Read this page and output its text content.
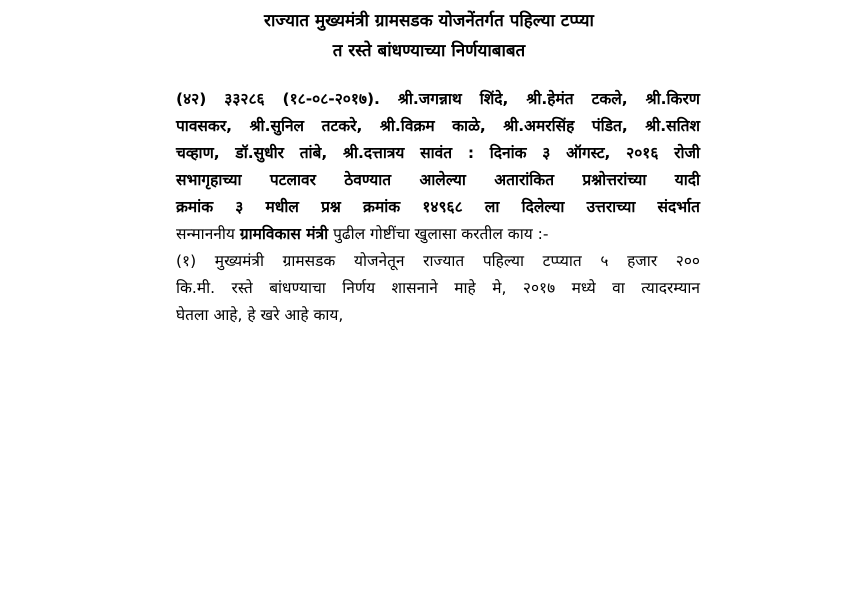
राज्यात मुख्यमंत्री ग्रामसडक योजनेंतर्गत पहिल्या टप्प्या
त रस्ते बांधण्याच्या निर्णयाबाबत
(४२) ३३२८६ (१८-०८-२०१७). श्री.जगन्नाथ शिंदे, श्री.हेमंत टकले, श्री.किरण
पावसकर, श्री.सुनिल तटकरे, श्री.विक्रम काळे, श्री.अमरसिंह पंडित, श्री.सतिश
चव्हाण, डॉ.सुधीर तांबे, श्री.दत्तात्रय सावंत : दिनांक ३ ऑगस्ट, २०१६ रोजी
सभागृहाच्या पटलावर ठेवण्यात आलेल्या अतारांकित प्रश्नोत्तरांच्या यादी
क्रमांक ३ मधील प्रश्न क्रमांक १४९६८ ला दिलेल्या उत्तराच्या संदर्भात
सन्माननीय ग्रामविकास मंत्री पुढील गोष्टींचा खुलासा करतील काय :-
(१) मुख्यमंत्री ग्रामसडक योजनेतून राज्यात पहिल्या टप्प्यात ५ हजार २००
कि.मी. रस्ते बांधण्याचा निर्णय शासनाने माहे मे, २०१७ मध्ये वा त्यादरम्यान
घेतला आहे, हे खरे आहे काय,
